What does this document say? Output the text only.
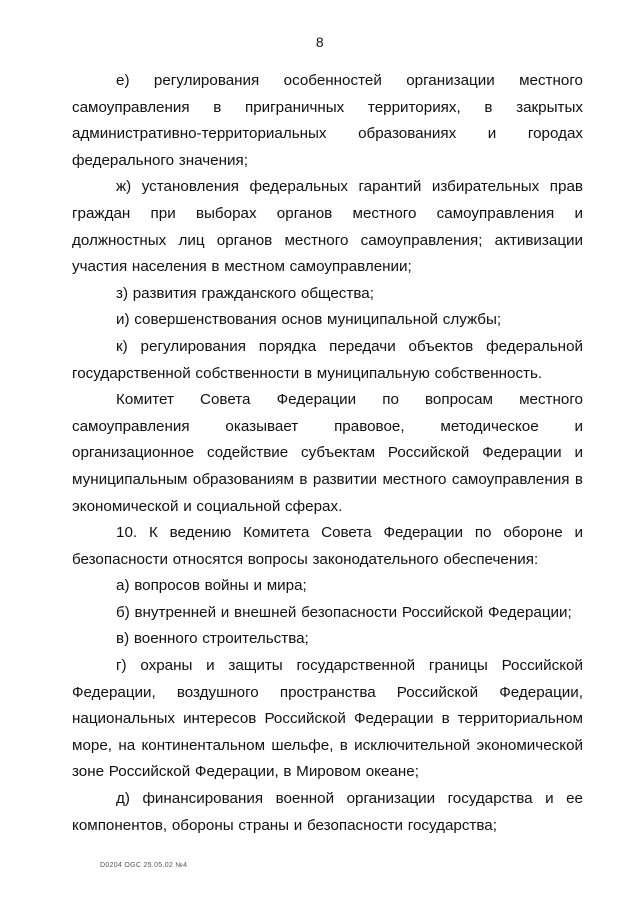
8

е) регулирования особенностей организации местного самоуправления в приграничных территориях, в закрытых административно-территориальных образованиях и городах федерального значения;

ж) установления федеральных гарантий избирательных прав граждан при выборах органов местного самоуправления и должностных лиц органов местного самоуправления; активизации участия населения в местном самоуправлении;

з) развития гражданского общества;

и) совершенствования основ муниципальной службы;

к) регулирования порядка передачи объектов федеральной государственной собственности в муниципальную собственность.

Комитет Совета Федерации по вопросам местного самоуправления оказывает правовое, методическое и организационное содействие субъектам Российской Федерации и муниципальным образованиям в развитии местного самоуправления в экономической и социальной сферах.

10. К ведению Комитета Совета Федерации по обороне и безопасности относятся вопросы законодательного обеспечения:

а) вопросов войны и мира;

б) внутренней и внешней безопасности Российской Федерации;

в) военного строительства;

г) охраны и защиты государственной границы Российской Федерации, воздушного пространства Российской Федерации, национальных интересов Российской Федерации в территориальном море, на континентальном шельфе, в исключительной экономической зоне Российской Федерации, в Мировом океане;

д) финансирования военной организации государства и ее компонентов, обороны страны и безопасности государства;

D0204 OGC 25.05.02 №4
